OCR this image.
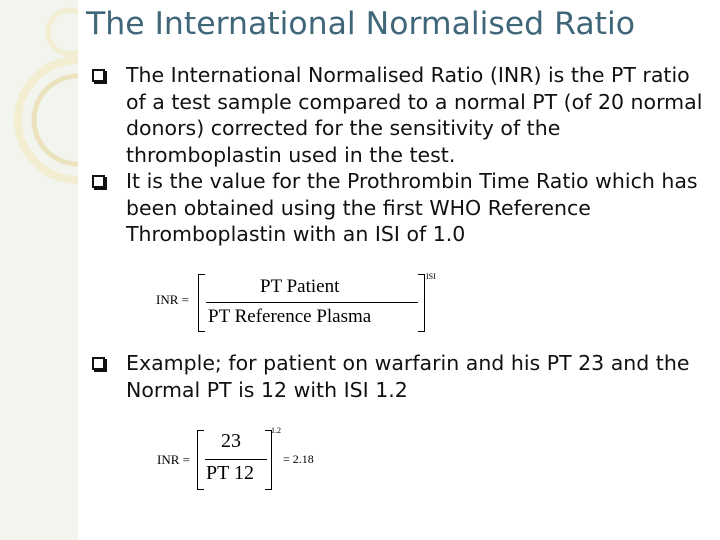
The International Normalised Ratio
The International Normalised Ratio (INR) is the PT ratio of a test sample compared to a normal PT (of 20 normal donors) corrected for the sensitivity of the thromboplastin used in the test.
It is the value for the Prothrombin Time Ratio which has been obtained using the first WHO Reference Thromboplastin with an ISI of 1.0
INR =
PT Patient
PT Reference Plasma
ISI
Example; for patient on warfarin and his PT 23 and the Normal PT is 12 with ISI 1.2
INR =
23
PT 12
1.2
= 2.18
